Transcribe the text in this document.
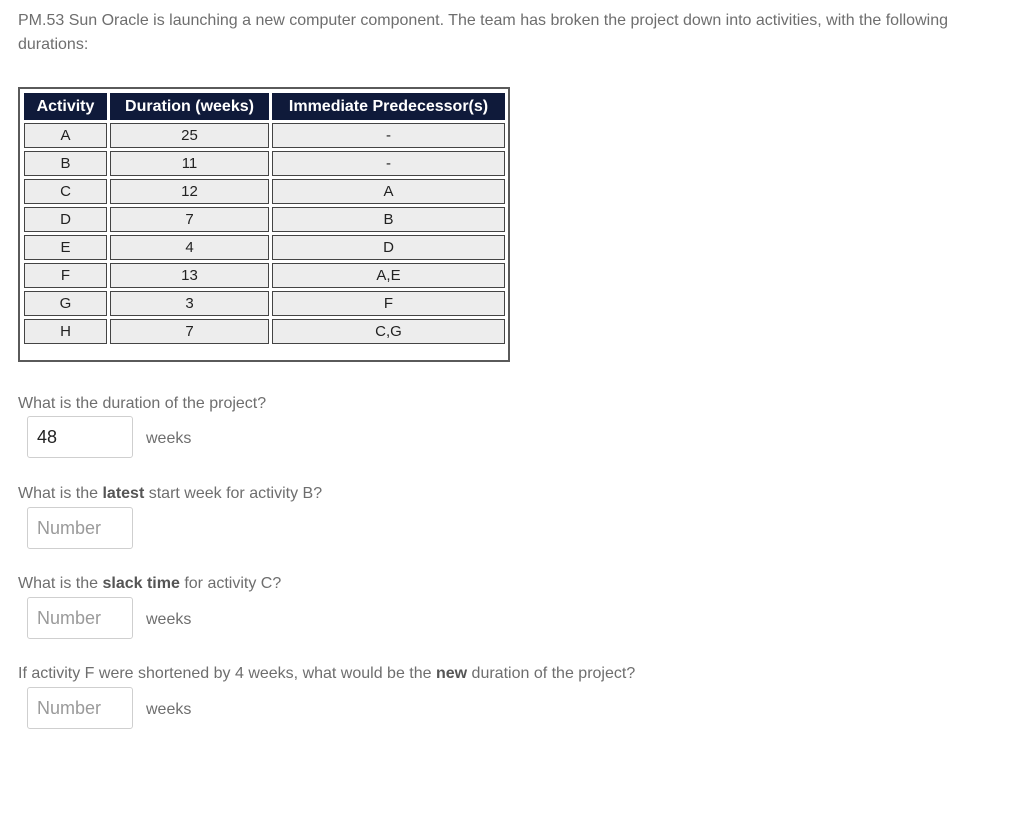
PM.53 Sun Oracle is launching a new computer component. The team has broken the project down into activities, with the following durations:
Activity	Duration (weeks)	Immediate Predecessor(s)
A	25	-
B	11	-
C	12	A
D	7	B
E	4	D
F	13	A,E
G	3	F
H	7	C,G
What is the duration of the project?
48
weeks
What is the latest start week for activity B?
Number
What is the slack time for activity C?
Number
weeks
If activity F were shortened by 4 weeks, what would be the new duration of the project?
Number
weeks
